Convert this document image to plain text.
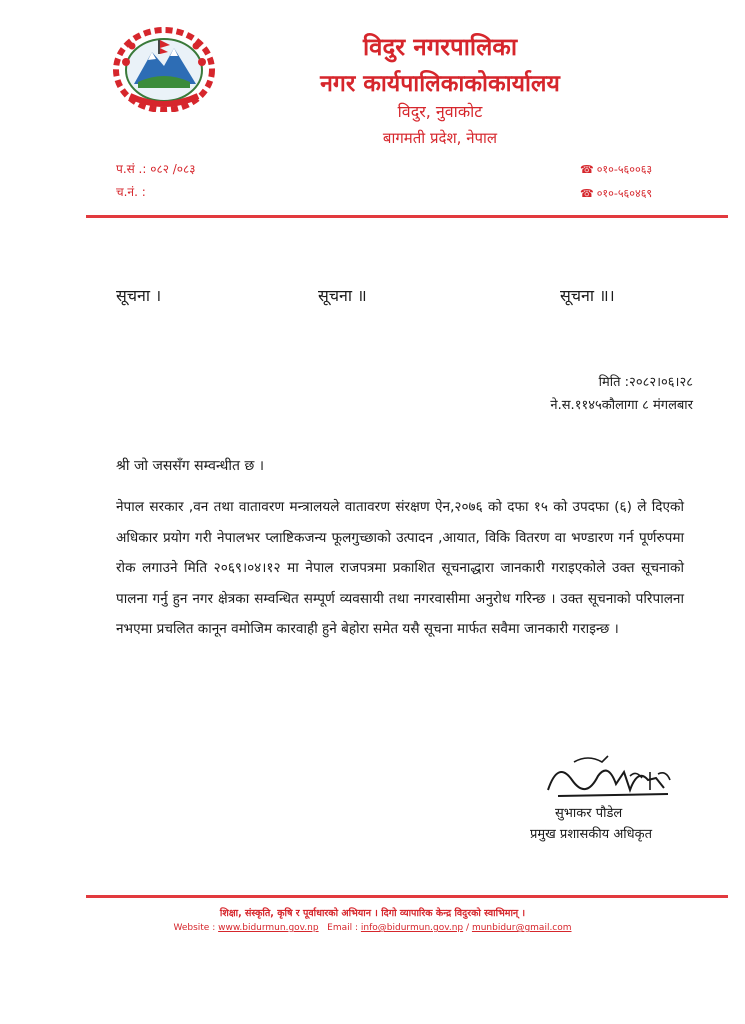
विदुर नगरपालिका
नगर कार्यपालिकाकोकार्यालय
विदुर, नुवाकोट
बागमती प्रदेश, नेपाल
प.सं .: ०८२ /०८३
च.नं. :
☎ ०१०-५६००६३
☎ ०१०-५६०४६९
सूचना ।	सूचना ॥	सूचना ॥।
मिति :२०८२।०६।२८
ने.स.११४५कौलागा ८ मंगलबार
श्री जो जससँग सम्वन्धीत छ ।
नेपाल सरकार ,वन तथा वातावरण मन्त्रालयले वातावरण संरक्षण ऐन,२०७६ को दफा १५ को उपदफा (६) ले दिएको अधिकार प्रयोग गरी नेपालभर प्लाष्टिकजन्य फूलगुच्छाको उत्पादन ,आयात, विकि वितरण वा भण्डारण गर्न पूर्णरुपमा रोक लगाउने मिति २०६९।०४।१२ मा नेपाल राजपत्रमा प्रकाशित सूचनाद्धारा जानकारी गराइएकोले उक्त सूचनाको पालना गर्नु हुन नगर क्षेत्रका सम्वन्धित सम्पूर्ण व्यवसायी तथा नगरवासीमा अनुरोध गरिन्छ । उक्त सूचनाको परिपालना नभएमा प्रचलित कानून वमोजिम कारवाही हुने बेहोरा समेत यसै सूचना मार्फत सवैमा जानकारी गराइन्छ ।
सुभाकर पौडेल
प्रमुख प्रशासकीय अधिकृत
शिक्षा, संस्कृति, कृषि र पूर्वाधारको अभियान । दिगो व्यापारिक केन्द्र विदुरको स्वाभिमान् ।
Website : www.bidurmun.gov.np Email : info@bidurmun.gov.np / munbidur@gmail.com
